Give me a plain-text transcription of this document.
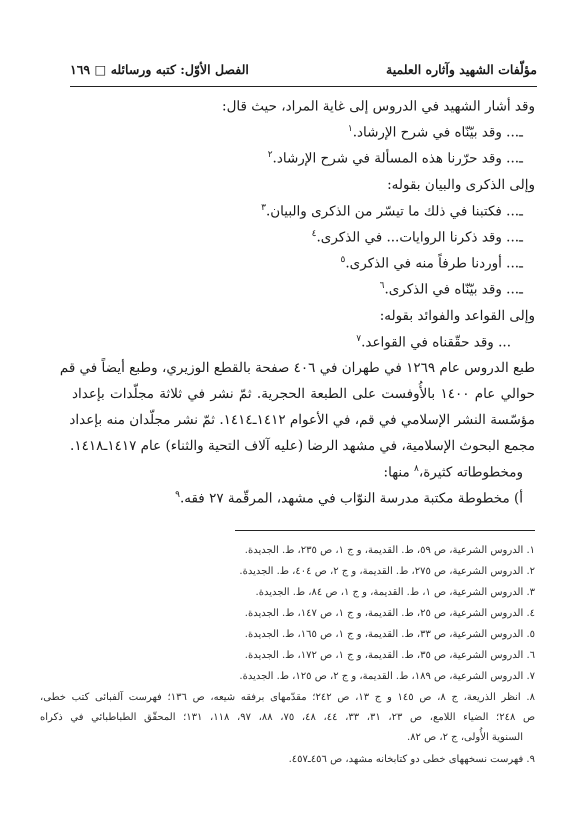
مؤلّفات الشهيد وآثاره العلمية
الفصل الأوّل: كتبه ورسائله □ ١٦٩
وقد أشار الشهيد في الدروس إلى غاية المراد، حيث قال:
ـ... وقد بيّنّاه في شرح الإرشاد.$^١$
ـ... وقد حرّرنا هذه المسألة في شرح الإرشاد.$^٢$
وإلى الذكرى والبيان بقوله:
ـ... فكتبنا في ذلك ما تيسّر من الذكرى والبيان.$^٣$
ـ... وقد ذكرنا الروايات... في الذكرى.$^٤$
ـ... أوردنا طرفاً منه في الذكرى.$^٥$
ـ... وقد بيّنّاه في الذكرى.$^٦$
وإلى القواعد والفوائد بقوله:
... وقد حقّقناه في القواعد.$^٧$
طبع الدروس عام ١٢٦٩ في طهران في ٤٠٦ صفحة بالقطع الوزيري، وطبع أيضاً في قم
حوالي عام ١٤٠٠ بالأُوفست على الطبعة الحجرية. ثمّ نشر في ثلاثة مجلّدات بإعداد
مؤسّسة النشر الإسلامي في قم، في الأعوام ١٤١٢ـ١٤١٤. ثمّ نشر مجلّدان منه بإعداد
مجمع البحوث الإسلامية، في مشهد الرضا (عليه آلاف التحية والثناء) عام ١٤١٧ـ١٤١٨.
ومخطوطاته كثيرة،$^٨$ منها:
أ) مخطوطة مكتبة مدرسة النوّاب في مشهد، المرقّمة ٢٧ فقه.$^٩$
١. الدروس الشرعية، ص ٥٩، ط. القديمة، و ج ١، ص ٢٣٥، ط. الجديدة.
٢. الدروس الشرعية، ص ٢٧٥، ط. القديمة، و ج ٢، ص ٤٠٤، ط. الجديدة.
٣. الدروس الشرعية، ص ١، ط. القديمة، و ج ١، ص ٨٤، ط. الجديدة.
٤. الدروس الشرعية، ص ٢٥، ط. القديمة، و ج ١، ص ١٤٧، ط. الجديدة.
٥. الدروس الشرعية، ص ٣٣، ط. القديمة، و ج ١، ص ١٦٥، ط. الجديدة.
٦. الدروس الشرعية، ص ٣٥، ط. القديمة، و ج ١، ص ١٧٢، ط. الجديدة.
٧. الدروس الشرعية، ص ١٨٩، ط. القديمة، و ج ٢، ص ١٢٥، ط. الجديدة.
٨. انظر الذريعة، ج ٨، ص ١٤٥ و ج ١٣، ص ٢٤٢؛ مقدّمهاى برفقه شيعه، ص ١٣٦؛ فهرست آلفبائى كتب خطى،
ص ٢٤٨؛ الضياء اللامع، ص ٢٣، ٣١، ٣٣، ٤٤، ٤٨، ٧٥، ٨٨، ٩٧، ١١٨، ١٣١؛ المحقّق الطباطبائي في ذكراه
السنوية الأُولى، ج ٢، ص ٨٢.
٩. فهرست نسخههاى خطى دو كتابخانه مشهد، ص ٤٥٦ـ٤٥٧.
